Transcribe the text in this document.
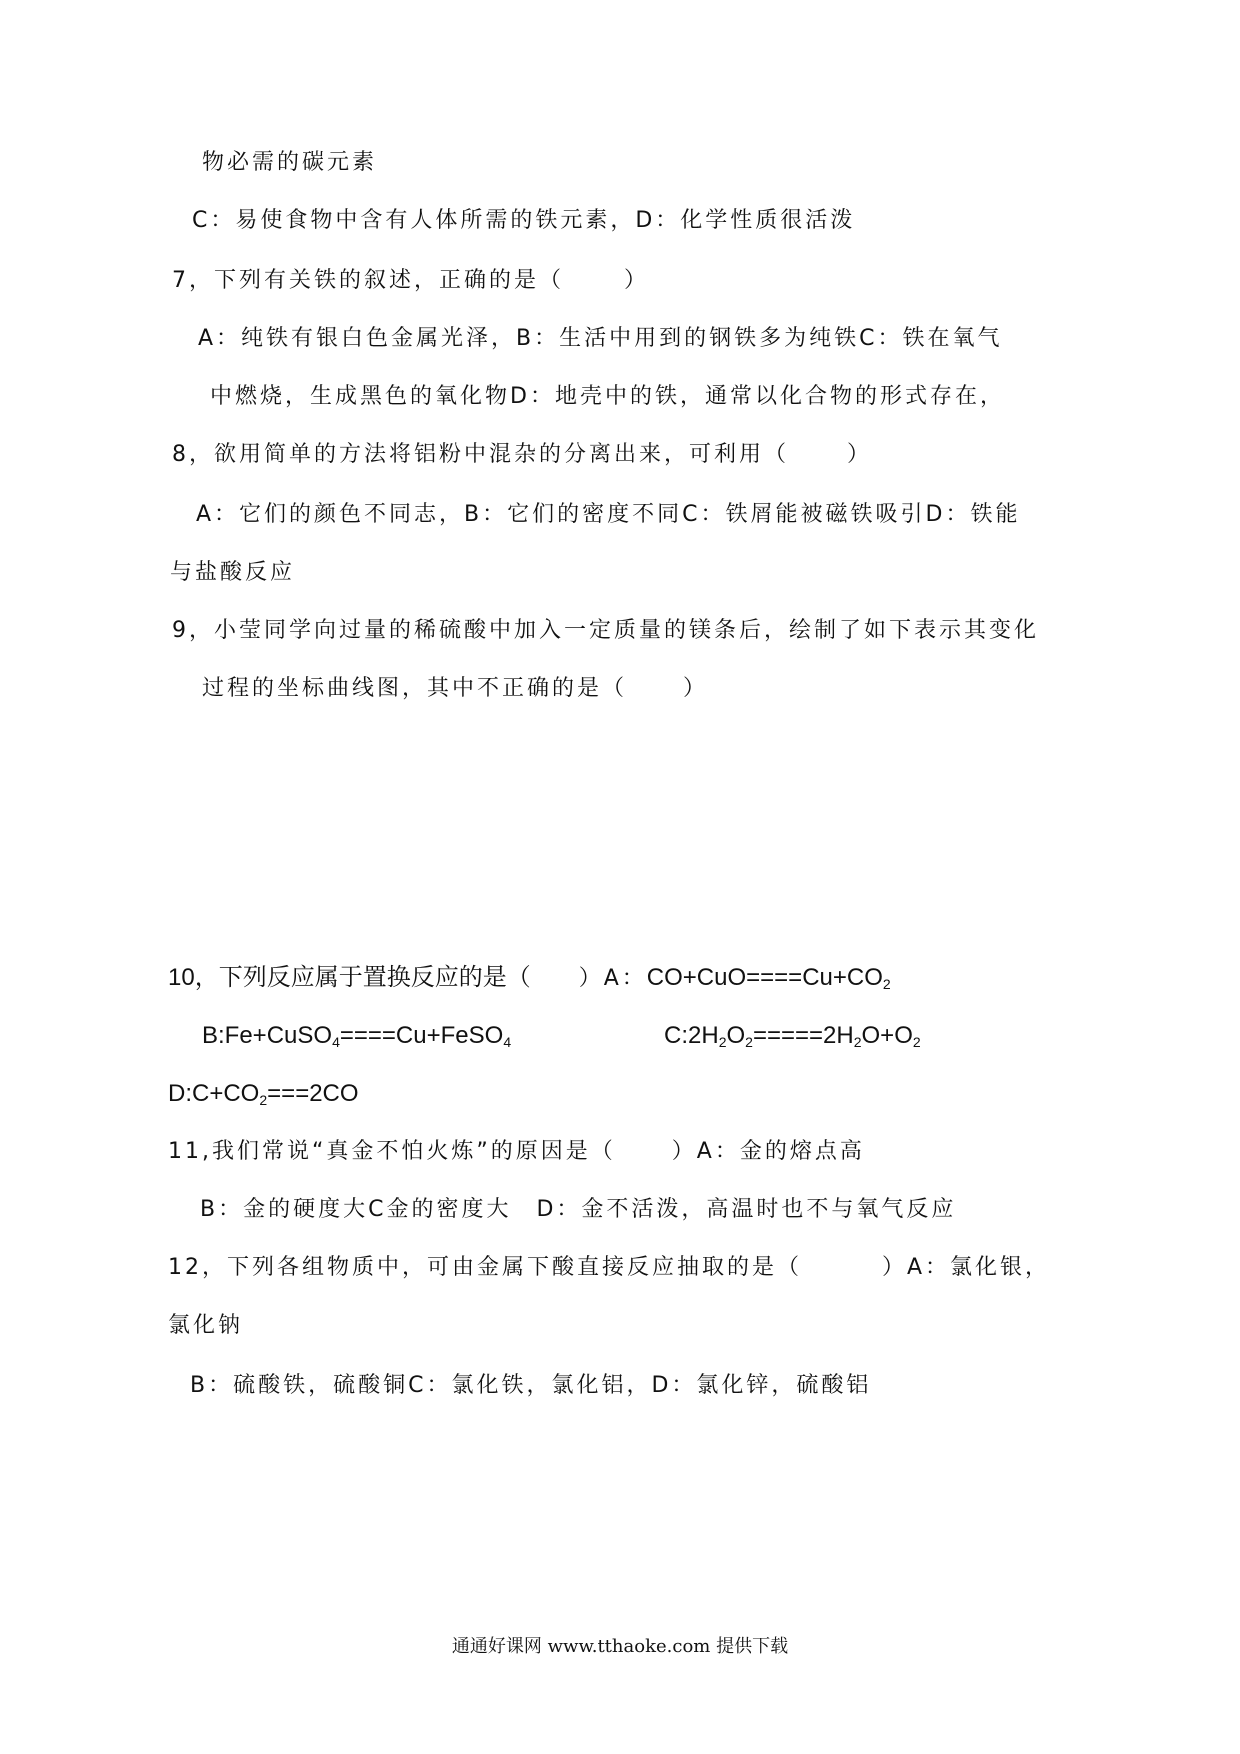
物必需的碳元素
C：易使食物中含有人体所需的铁元素，D：化学性质很活泼
7，下列有关铁的叙述，正确的是（	）
A：纯铁有银白色金属光泽，B：生活中用到的钢铁多为纯铁C：铁在氧气
中燃烧，生成黑色的氧化物D：地壳中的铁，通常以化合物的形式存在，
8，欲用简单的方法将铝粉中混杂的分离出来，可利用（	）
A：它们的颜色不同志，B：它们的密度不同C：铁屑能被磁铁吸引D：铁能
与盐酸反应
9，小莹同学向过量的稀硫酸中加入一定质量的镁条后，绘制了如下表示其变化
过程的坐标曲线图，其中不正确的是（	）
10，下列反应属于置换反应的是（ ）A：$CO+CuO====Cu+CO_2$
B:Fe+CuSO$_4$====Cu+FeSO$_4$	$C:2H_2O_2=====2H_2O+O_2$
$D:C+CO_2===2CO$
11,我们常说“真金不怕火炼”的原因是（	）A：金的熔点高
B：金的硬度大C金的密度大　D：金不活泼，高温时也不与氧气反应
12，下列各组物质中，可由金属下酸直接反应抽取的是（	）A：氯化银，
氯化钠
B：硫酸铁，硫酸铜C：氯化铁，氯化铝，D：氯化锌，硫酸铝
通通好课网 www.tthaoke.com 提供下载
